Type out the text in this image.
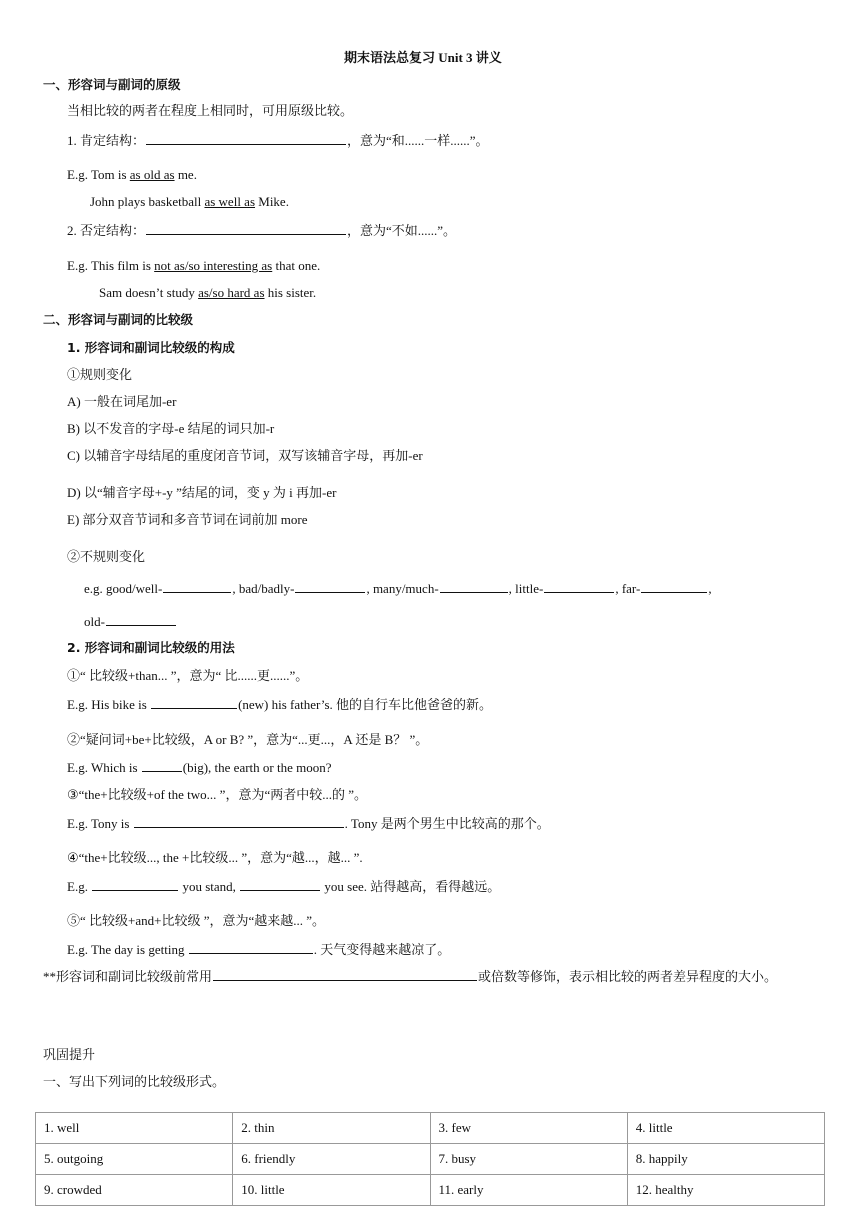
期末语法总复习 Unit 3 讲义
一、形容词与副词的原级
当相比较的两者在程度上相同时，可用原级比较。
1. 肯定结构：	，意为“和......一样......”。
E.g. Tom is as old as me.
John plays basketball as well as Mike.
2. 否定结构：	，意为“不如......”。
E.g. This film is not as/so interesting as that one.
Sam doesn’t study as/so hard as his sister.
二、形容词与副词的比较级
1. 形容词和副词比较级的构成
①规则变化
A) 一般在词尾加-er
B) 以不发音的字母-e 结尾的词只加-r
C) 以辅音字母结尾的重度闭音节词，双写该辅音字母，再加-er
D) 以“辅音字母+-y ”结尾的词，变 y 为 i 再加-er
E) 部分双音节词和多音节词在词前加 more
②不规则变化
e.g. good/well-	, bad/badly-	, many/much-	, little-	, far-	,
old-
2. 形容词和副词比较级的用法
①“ 比较级+than... ”，意为“ 比......更......”。
E.g. His bike is	(new) his father’s. 他的自行车比他爸爸的新。
②“疑问词+be+比较级，A or B? ”，意为“...更...，A 还是 B？ ”。
E.g. Which is	(big), the earth or the moon?
③“the+比较级+of the two... ”，意为“两者中较...的 ”。
E.g. Tony is	. Tony 是两个男生中比较高的那个。
④“the+比较级..., the +比较级... ”，意为“越...，越... ”.
E.g.	you stand,	you see. 站得越高，看得越远。
⑤“ 比较级+and+比较级 ”，意为“越来越... ”。
E.g. The day is getting	. 天气变得越来越凉了。
**形容词和副词比较级前常用	或倍数等修饰，表示相比较的两者差异程度的大小。
巩固提升
一、写出下列词的比较级形式。
1. well	2. thin	3. few	4. little
5. outgoing	6. friendly	7. busy	8. happily
9. crowded	10. little	11. early	12. healthy
